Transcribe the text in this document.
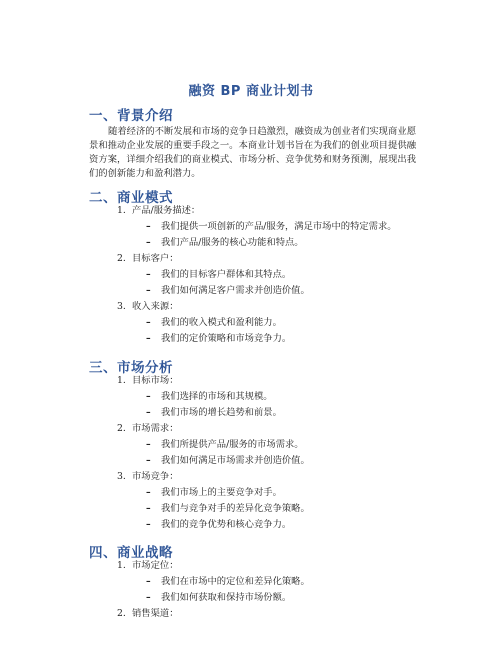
融资 BP 商业计划书
一、背景介绍
随着经济的不断发展和市场的竞争日趋激烈，融资成为创业者们实现商业愿景和推动企业发展的重要手段之一。本商业计划书旨在为我们的创业项目提供融资方案，详细介绍我们的商业模式、市场分析、竞争优势和财务预测，展现出我们的创新能力和盈利潜力。
二、商业模式
1. 产品/服务描述：
– 我们提供一项创新的产品/服务，满足市场中的特定需求。
– 我们产品/服务的核心功能和特点。
2. 目标客户：
– 我们的目标客户群体和其特点。
– 我们如何满足客户需求并创造价值。
3. 收入来源：
– 我们的收入模式和盈利能力。
– 我们的定价策略和市场竞争力。
三、市场分析
1. 目标市场：
– 我们选择的市场和其规模。
– 我们市场的增长趋势和前景。
2. 市场需求：
– 我们所提供产品/服务的市场需求。
– 我们如何满足市场需求并创造价值。
3. 市场竞争：
– 我们市场上的主要竞争对手。
– 我们与竞争对手的差异化竞争策略。
– 我们的竞争优势和核心竞争力。
四、商业战略
1. 市场定位：
– 我们在市场中的定位和差异化策略。
– 我们如何获取和保持市场份额。
2. 销售渠道：
